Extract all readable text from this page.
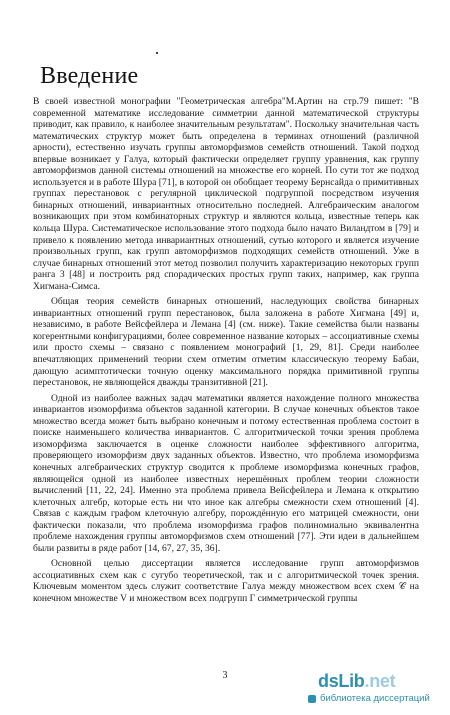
Введение

В своей известной монографии "Геометрическая алгебра"М.Артин на стр.79 пишет: "В современной математике исследование симметрии данной математической структуры приводит, как правило, к наиболее значительным результатам". Поскольку значительная часть математических структур может быть определена в терминах отношений (различной арности), естественно изучать группы автоморфизмов семейств отношений. Такой подход впервые возникает у Галуа, который фактически определяет группу уравнения, как группу автоморфизмов данной системы отношений на множестве его корней. По сути тот же подход используется и в работе Шура [71], в которой он обобщает теорему Бернсайда о примитивных группах перестановок с регулярной циклической подгруппой посредством изучения бинарных отношений, инвариантных относительно последней. Алгебраическим аналогом возникающих при этом комбинаторных структур и являются кольца, известные теперь как кольца Шура. Систематическое использование этого подхода было начато Виландтом в [79] и привело к появлению метода инвариантных отношений, сутью которого и является изучение произвольных групп, как групп автоморфизмов подходящих семейств отношений. Уже в случае бинарных отношений этот метод позволил получить характеризацию некоторых групп ранга 3 [48] и построить ряд спорадических простых групп таких, например, как группа Хигмана-Симса.

Общая теория семейств бинарных отношений, наследующих свойства бинарных инвариантных отношений групп перестановок, была заложена в работе Хигмана [49] и, независимо, в работе Вейсфейлера и Лемана [4] (см. ниже). Такие семейства были названы когерентными конфигурациями, более современное название которых – ассоциативные схемы или просто схемы – связано с появлением монографий [1, 29, 81]. Среди наиболее впечатляющих применений теории схем отметим отметим классическую теорему Бабаи, дающую асимптотически точную оценку максимального порядка примитивной группы перестановок, не являющейся дважды транзитивной [21].

Одной из наиболее важных задач математики является нахождение полного множества инвариантов изоморфизма объектов заданной категории. В случае конечных объектов такое множество всегда может быть выбрано конечным и потому естественная проблема состоит в поиске наименьшего количества инвариантов. С алгоритмической точки зрения проблема изоморфизма заключается в оценке сложности наиболее эффективного алгоритма, проверяющего изоморфизм двух заданных объектов. Известно, что проблема изоморфизма конечных алгебраических структур сводится к проблеме изоморфизма конечных графов, являющейся одной из наиболее известных нерешённых проблем теории сложности вычислений [11, 22, 24]. Именно эта проблема привела Вейсфейлера и Лемана к открытию клеточных алгебр, которые есть ни что иное как алгебры смежности схем отношений [4]. Связав с каждым графом клеточную алгебру, порождённую его матрицей смежности, они фактически показали, что проблема изоморфизма графов полиномиально эквивалентна проблеме нахождения группы автоморфизмов схем отношений [77]. Эти идеи в дальнейшем были развиты в ряде работ [14, 67, 27, 35, 36].

Основной целью диссертации является исследование групп автоморфизмов ассоциативных схем как с сугубо теоретической, так и с алгоритмической точек зрения. Ключевым моментом здесь служит соответствие Галуа между множеством всех схем 𝒞 на конечном множестве V и множеством всех подгрупп Γ симметрической группы

3	dsLib.net
библиотека диссертаций
